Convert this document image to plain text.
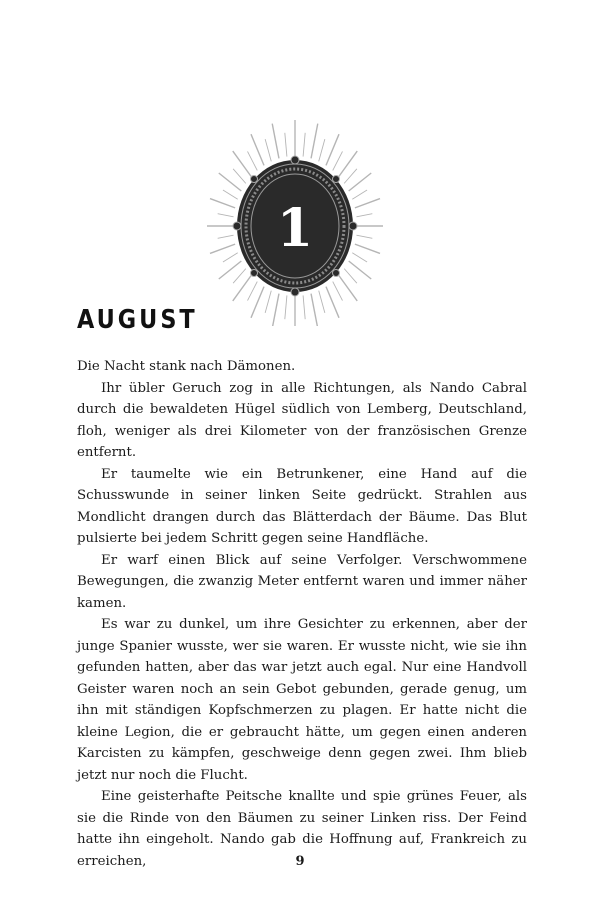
1
AUGUST

Die Nacht stank nach Dämonen.

Ihr übler Geruch zog in alle Richtungen, als Nando Cabral durch die bewaldeten Hügel südlich von Lemberg, Deutschland, floh, weniger als drei Kilometer von der französischen Grenze entfernt.

Er taumelte wie ein Betrunkener, eine Hand auf die Schusswunde in seiner linken Seite gedrückt. Strahlen aus Mondlicht drangen durch das Blätterdach der Bäume. Das Blut pulsierte bei jedem Schritt gegen seine Handfläche.

Er warf einen Blick auf seine Verfolger. Verschwommene Bewegungen, die zwanzig Meter entfernt waren und immer näher kamen.

Es war zu dunkel, um ihre Gesichter zu erkennen, aber der junge Spanier wusste, wer sie waren. Er wusste nicht, wie sie ihn gefunden hatten, aber das war jetzt auch egal. Nur eine Handvoll Geister waren noch an sein Gebot gebunden, gerade genug, um ihn mit ständigen Kopfschmerzen zu plagen. Er hatte nicht die kleine Legion, die er gebraucht hätte, um gegen einen anderen Karcisten zu kämpfen, geschweige denn gegen zwei. Ihm blieb jetzt nur noch die Flucht.

Eine geisterhafte Peitsche knallte und spie grünes Feuer, als sie die Rinde von den Bäumen zu seiner Linken riss. Der Feind hatte ihn eingeholt. Nando gab die Hoffnung auf, Frankreich zu erreichen,	9
